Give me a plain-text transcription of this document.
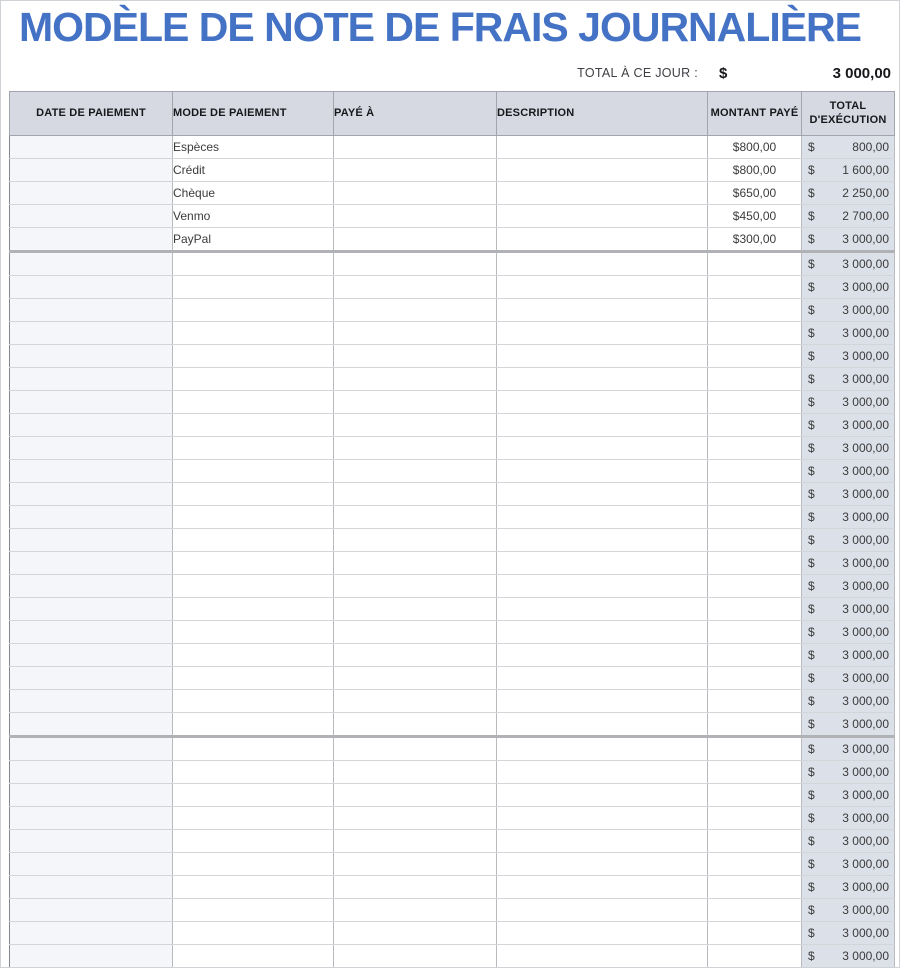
MODÈLE DE NOTE DE FRAIS JOURNALIÈRE
TOTAL À CE JOUR :	$	3 000,00
DATE DE PAIEMENT	MODE DE PAIEMENT	PAYÉ À	DESCRIPTION	MONTANT PAYÉ	TOTAL D'EXÉCUTION
	Espèces			$800,00	$ 800,00

	Crédit			$800,00	$ 1 600,00

	Chèque			$650,00	$ 2 250,00

	Venmo			$450,00	$ 2 700,00

	PayPal			$300,00	$ 3 000,00

					$ 3 000,00

					$ 3 000,00

					$ 3 000,00

					$ 3 000,00

					$ 3 000,00

					$ 3 000,00

					$ 3 000,00

					$ 3 000,00

					$ 3 000,00

					$ 3 000,00

					$ 3 000,00

					$ 3 000,00

					$ 3 000,00

					$ 3 000,00

					$ 3 000,00

					$ 3 000,00

					$ 3 000,00

					$ 3 000,00

					$ 3 000,00

					$ 3 000,00

					$ 3 000,00

					$ 3 000,00

					$ 3 000,00

					$ 3 000,00

					$ 3 000,00

					$ 3 000,00

					$ 3 000,00

					$ 3 000,00

					$ 3 000,00

					$ 3 000,00

					$ 3 000,00
